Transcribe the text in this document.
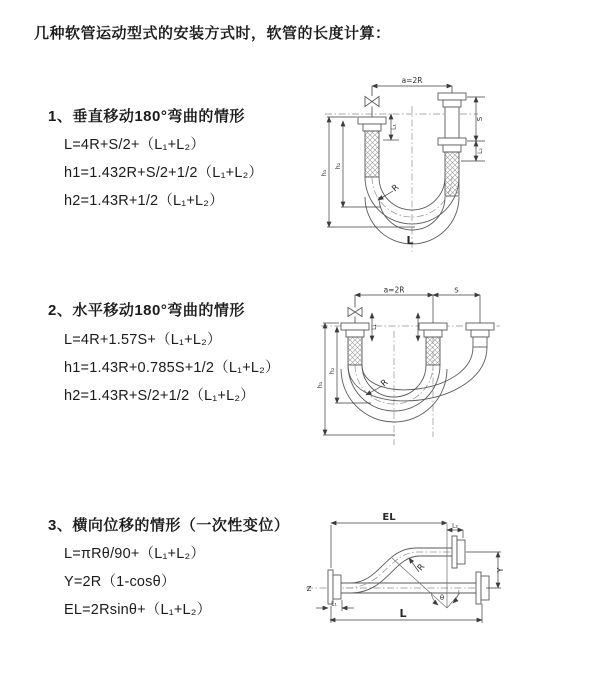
几种软管运动型式的安装方式时，软管的长度计算：
1、垂直移动180°弯曲的情形
L=4R+S/2+（L₁+L₂）
h1=1.432R+S/2+1/2（L₁+L₂）
h2=1.43R+1/2（L₁+L₂）
2、水平移动180°弯曲的情形
L=4R+1.57S+（L₁+L₂）
h1=1.43R+0.785S+1/2（L₁+L₂）
h2=1.43R+S/2+1/2（L₁+L₂）
3、横向位移的情形（一次性变位）
L=πRθ/90+（L₁+L₂）
Y=2R（1-cosθ）
EL=2Rsinθ+（L₁+L₂）
a=2R
h₁
h₂
L₁
S
L₂
R
L
a=2R	S
h₁
h₂
L₁
R
EL
L₂
Y
L
L₁
R
θ
Z
